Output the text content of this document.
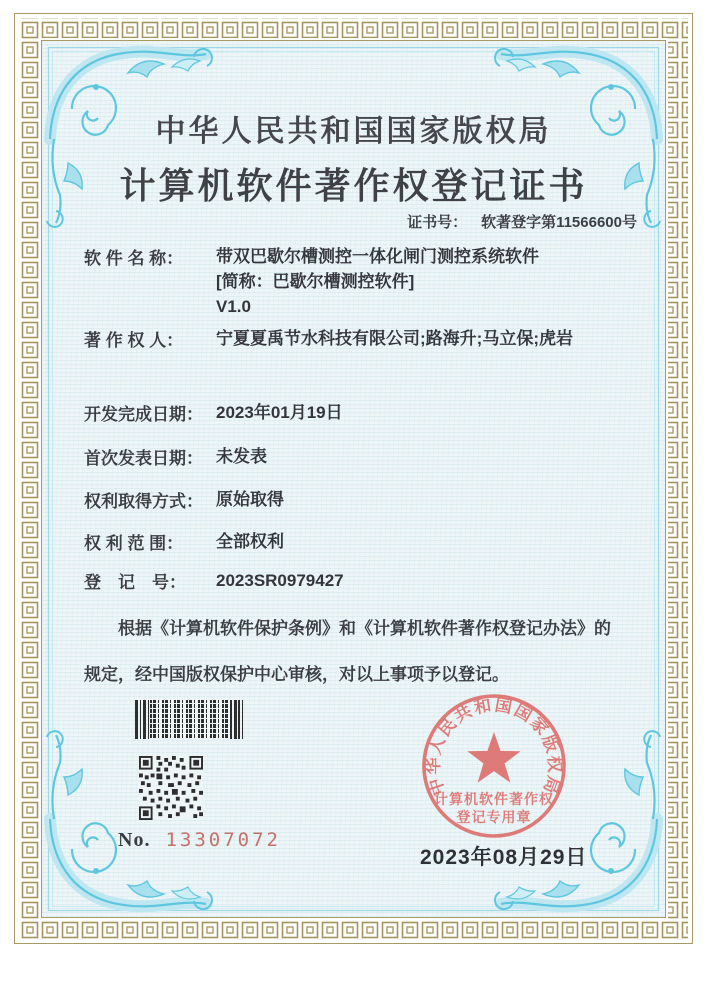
中华人民共和国国家版权局
计算机软件著作权登记证书
证书号： 软著登字第11566600号
软 件 名 称：	带双巴歇尔槽测控一体化闸门测控系统软件
[简称：巴歇尔槽测控软件]
V1.0
著 作 权 人：	宁夏夏禹节水科技有限公司;路海升;马立保;虎岩
开发完成日期： 2023年01月19日
首次发表日期： 未发表
权利取得方式： 原始取得
权 利 范 围：	全部权利
登　记　号：	2023SR0979427
根据《计算机软件保护条例》和《计算机软件著作权登记办法》的
规定，经中国版权保护中心审核，对以上事项予以登记。
No. 13307072
中华人民共和国国家版权局
计算机软件著作权
登记专用章
2023年08月29日
